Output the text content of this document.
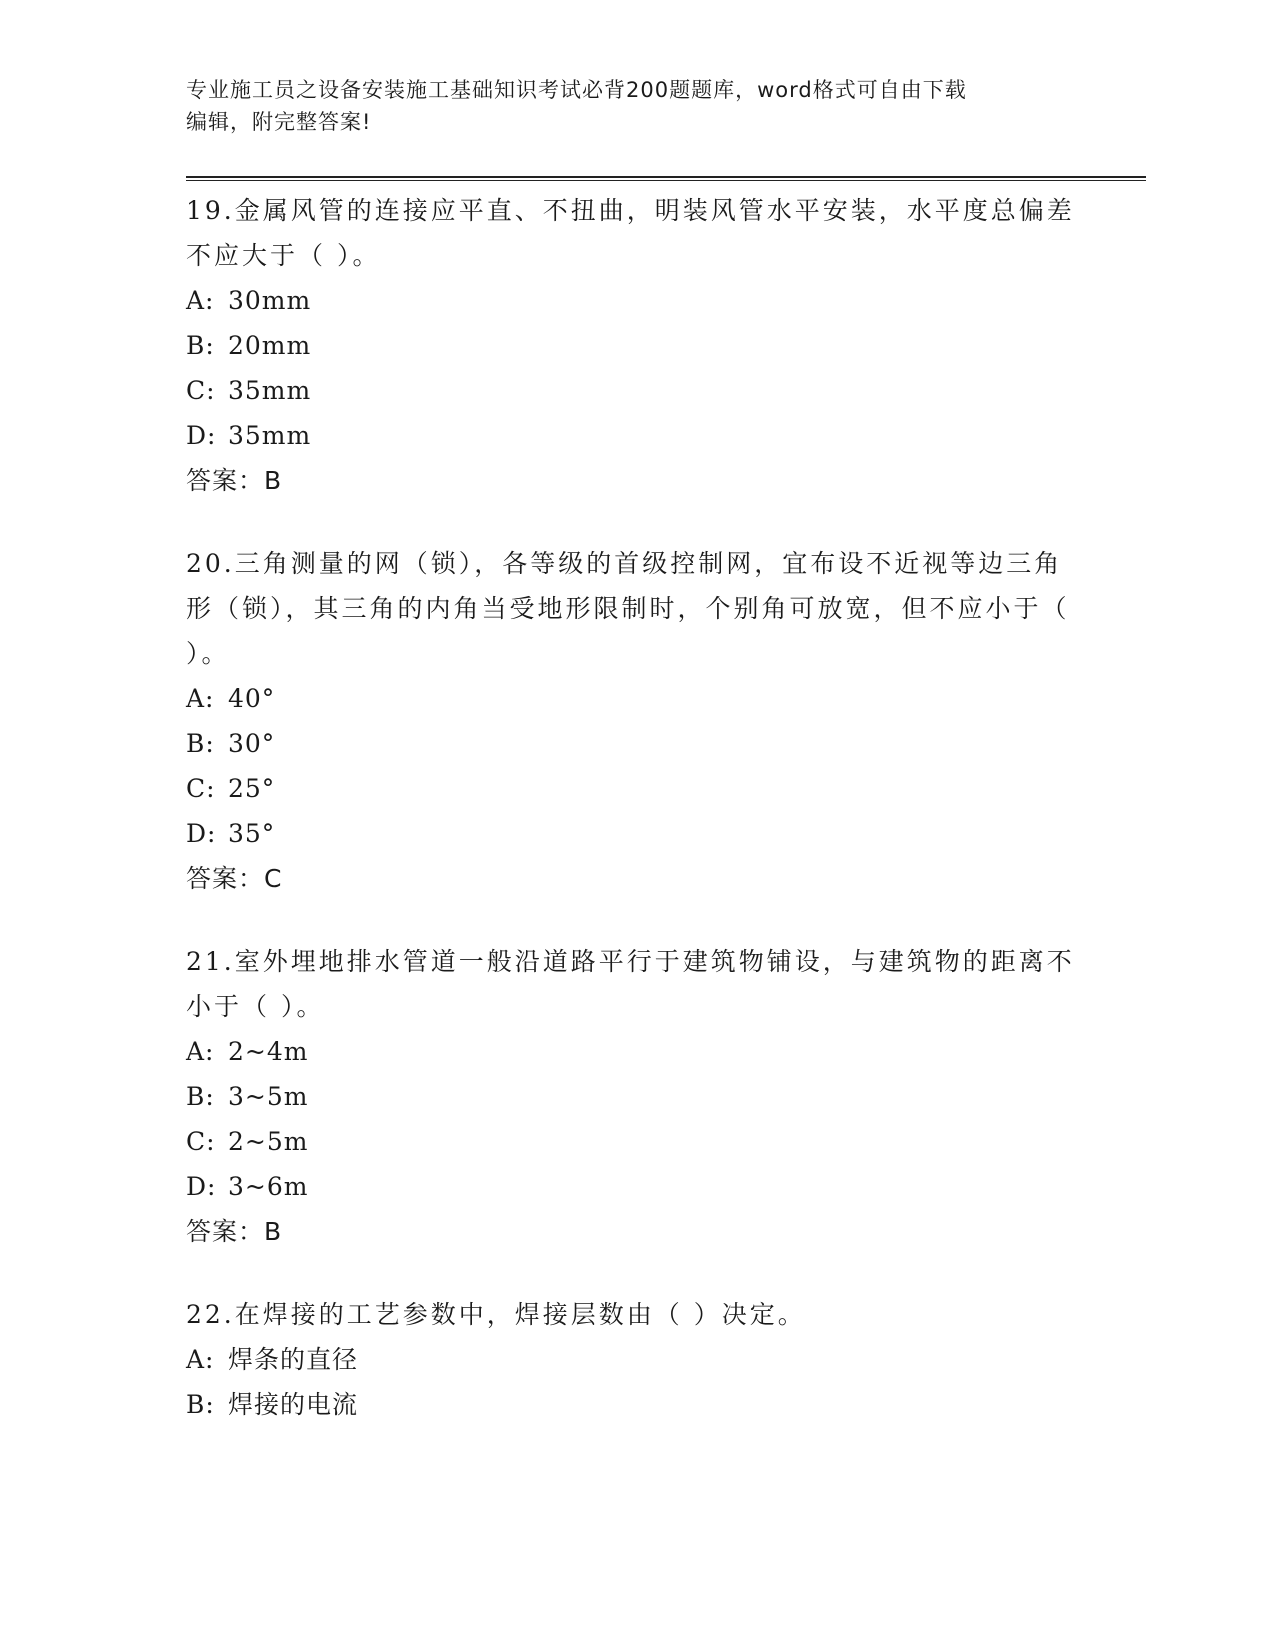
专业施工员之设备安装施工基础知识考试必背200题题库，word格式可自由下载
编辑，附完整答案!

19.金属风管的连接应平直、不扭曲，明装风管水平安装，水平度总偏差不应大于（ ）。

A: 30mm

B: 20mm

C: 35mm

D: 35mm

答案：B

20.三角测量的网（锁），各等级的首级控制网，宜布设不近视等边三角形（锁），其三角的内角当受地形限制时，个别角可放宽，但不应小于（ ）。

A: 40°

B: 30°

C: 25°

D: 35°

答案：C

21.室外埋地排水管道一般沿道路平行于建筑物铺设，与建筑物的距离不小于（ ）。

A: 2~4m

B: 3~5m

C: 2~5m

D: 3~6m

答案：B

22.在焊接的工艺参数中，焊接层数由（ ）决定。

A: 焊条的直径

B: 焊接的电流
